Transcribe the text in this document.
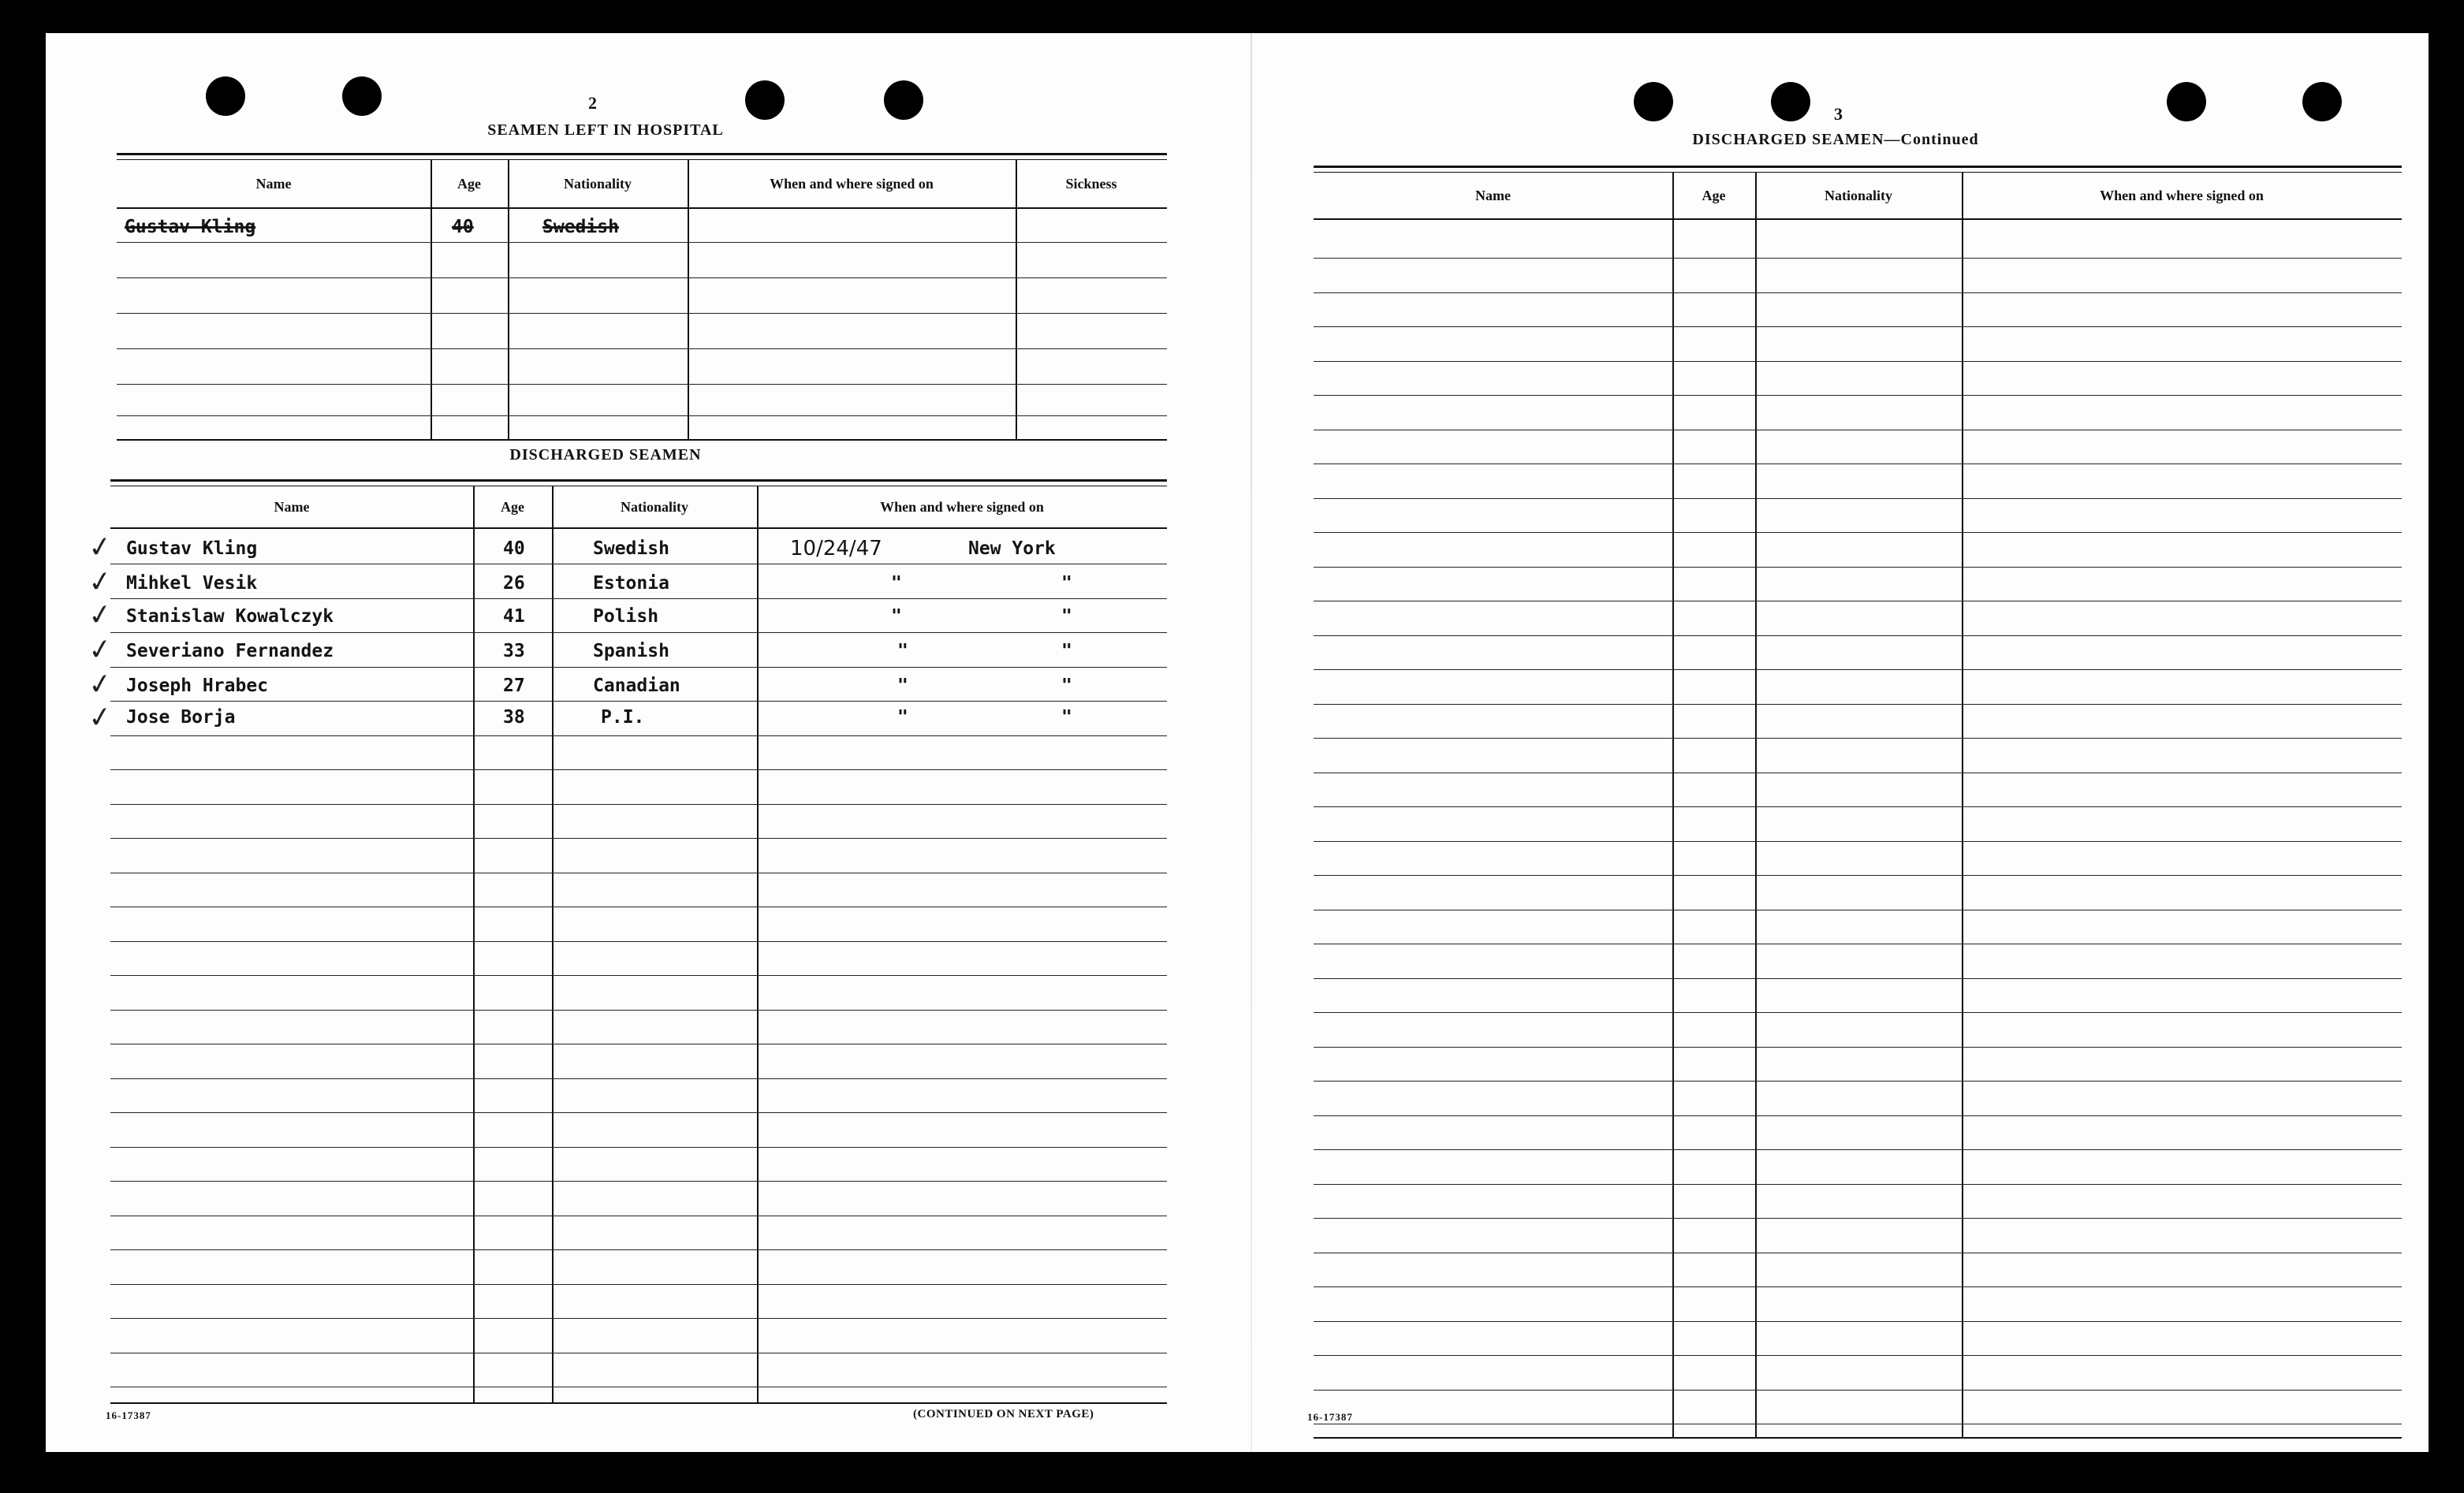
2
SEAMEN LEFT IN HOSPITAL
Name	Age	Nationality	When and where signed on	Sickness
Gustav Kling	40	Swedish
DISCHARGED SEAMEN
Name	Age	Nationality	When and where signed on
Gustav Kling	40	Swedish	10/24/47	New York
Mihkel Vesik	26	Estonia	"	"
Stanislaw Kowalczyk	41	Polish	"	"
Severiano Fernandez	33	Spanish	"	"
Joseph Hrabec	27	Canadian	"	"
Jose Borja	38	P.I.	"	"
✓
✓
✓
✓
✓
✓
16-17387	(CONTINUED ON NEXT PAGE)
3
DISCHARGED SEAMEN—Continued
Name	Age	Nationality	When and where signed on
16-17387
